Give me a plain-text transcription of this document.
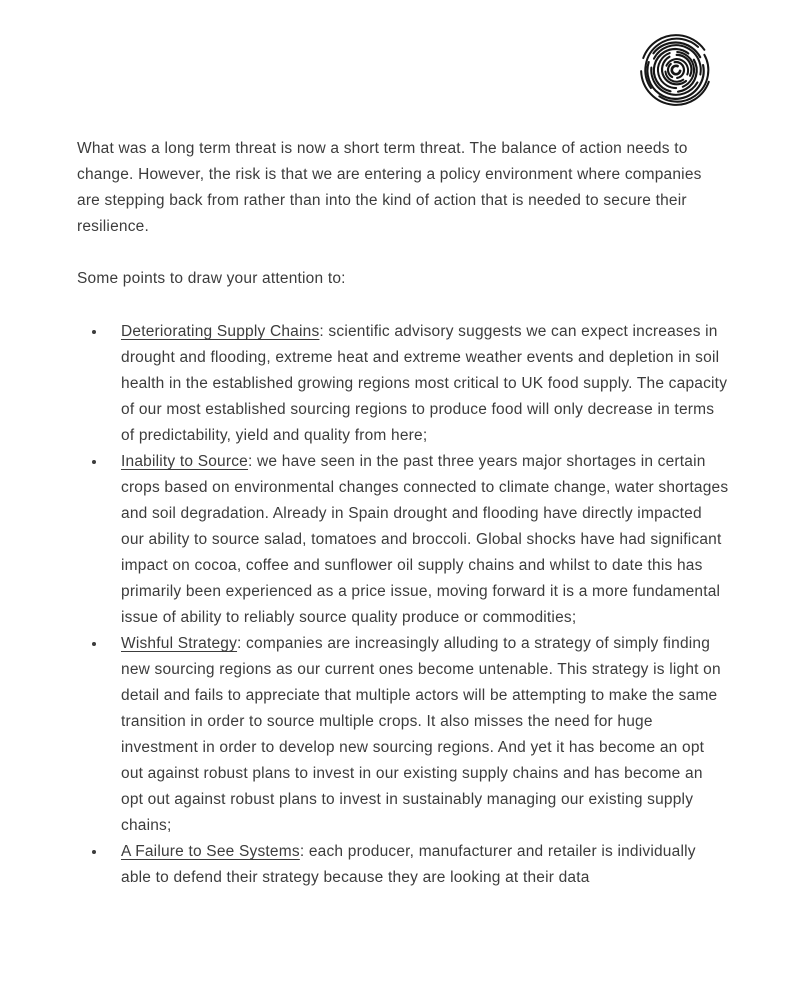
What was a long term threat is now a short term threat. The balance of action needs to change. However, the risk is that we are entering a policy environment where companies are stepping back from rather than into the kind of action that is needed to secure their resilience.

Some points to draw your attention to:

• Deteriorating Supply Chains: scientific advisory suggests we can expect increases in drought and flooding, extreme heat and extreme weather events and depletion in soil health in the established growing regions most critical to UK food supply. The capacity of our most established sourcing regions to produce food will only decrease in terms of predictability, yield and quality from here;
• Inability to Source: we have seen in the past three years major shortages in certain crops based on environmental changes connected to climate change, water shortages and soil degradation. Already in Spain drought and flooding have directly impacted our ability to source salad, tomatoes and broccoli. Global shocks have had significant impact on cocoa, coffee and sunflower oil supply chains and whilst to date this has primarily been experienced as a price issue, moving forward it is a more fundamental issue of ability to reliably source quality produce or commodities;
• Wishful Strategy: companies are increasingly alluding to a strategy of simply finding new sourcing regions as our current ones become untenable. This strategy is light on detail and fails to appreciate that multiple actors will be attempting to make the same transition in order to source multiple crops. It also misses the need for huge investment in order to develop new sourcing regions. And yet it has become an opt out against robust plans to invest in our existing supply chains and has become an opt out against robust plans to invest in sustainably managing our existing supply chains;
• A Failure to See Systems: each producer, manufacturer and retailer is individually able to defend their strategy because they are looking at their data
